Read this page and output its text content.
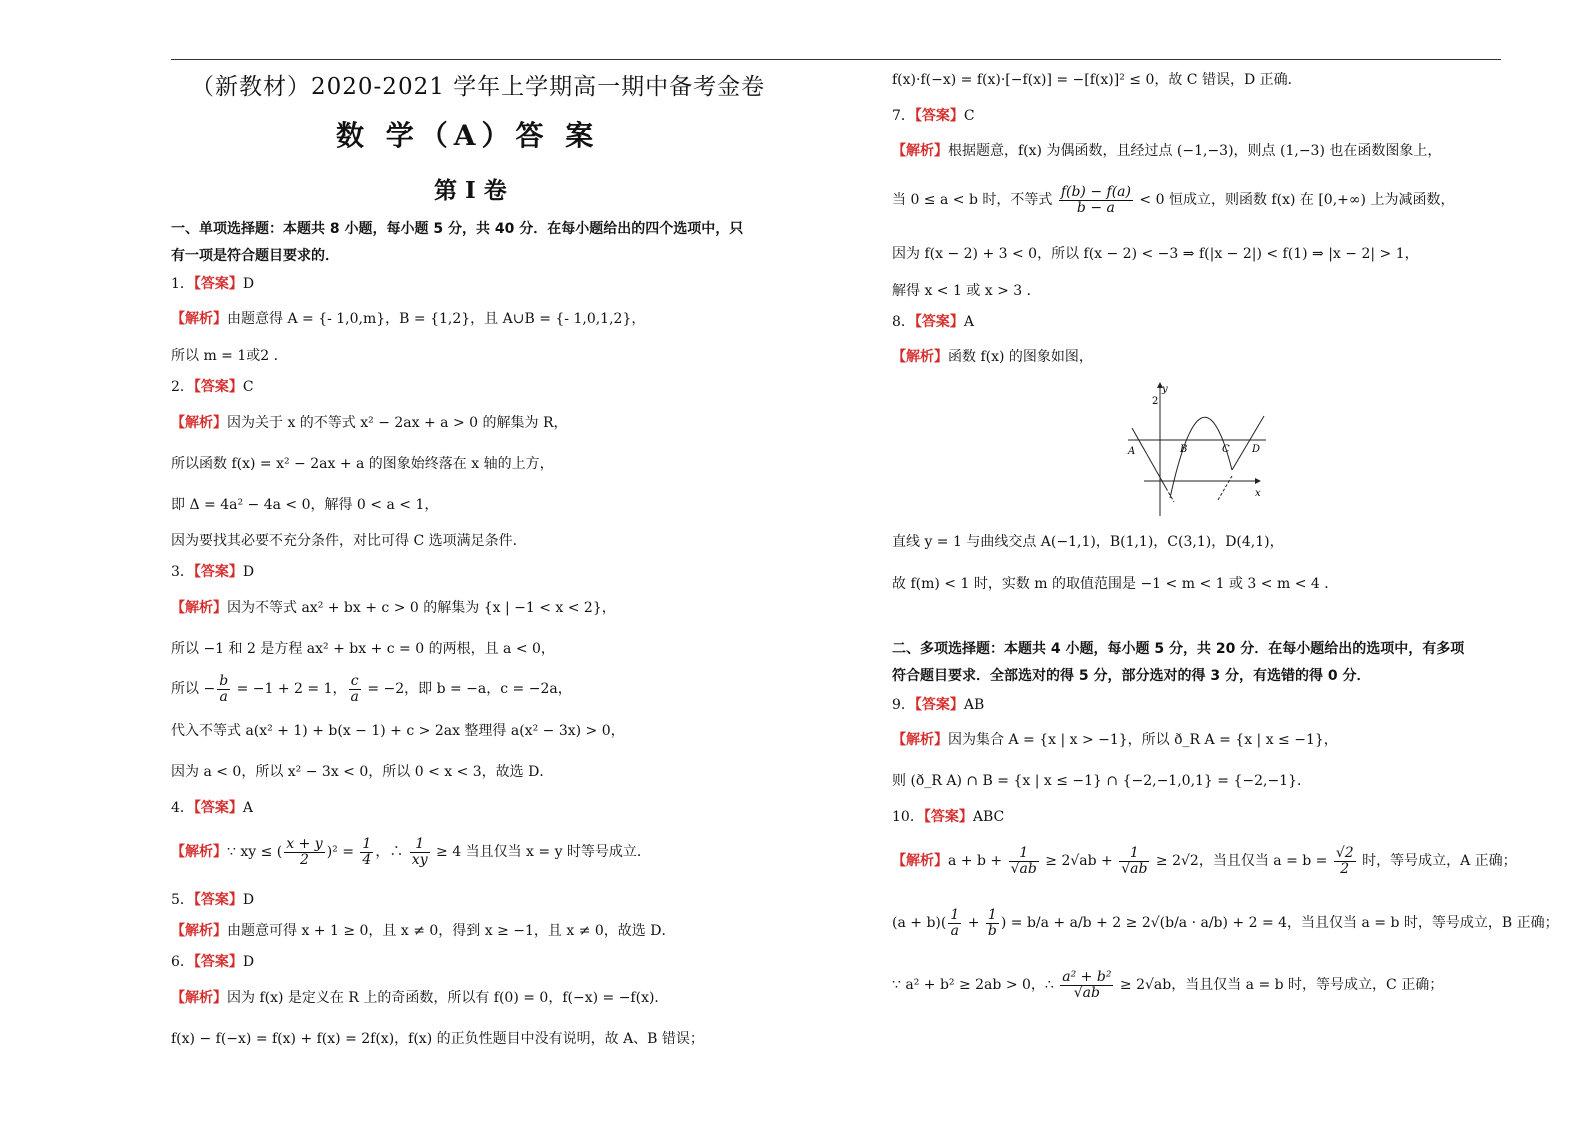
（新教材）2020-2021 学年上学期高一期中备考金卷
数 学（A）答 案
第 I 卷
一、单项选择题：本题共 8 小题，每小题 5 分，共 40 分．在每小题给出的四个选项中，只
有一项是符合题目要求的．
1．【答案】D
【解析】由题意得 A = {- 1,0,m}，B = {1,2}，且 A∪B = {- 1,0,1,2}，
所以 m = 1或2 ．
2．【答案】C
【解析】因为关于 x 的不等式 x² − 2ax + a > 0 的解集为 R，
所以函数 f(x) = x² − 2ax + a 的图象始终落在 x 轴的上方，
即 Δ = 4a² − 4a < 0，解得 0 < a < 1，
因为要找其必要不充分条件，对比可得 C 选项满足条件．
3．【答案】D
【解析】因为不等式 ax² + bx + c > 0 的解集为 {x | −1 < x < 2}，
所以 −1 和 2 是方程 ax² + bx + c = 0 的两根，且 a < 0，
所以 − $\frac{b}{a} = -1 + 2 = 1$， $\frac{c}{a} = -2$，即 b = −a，c = −2a，
代入不等式 a(x² + 1) + b(x − 1) + c > 2ax 整理得 a(x² − 3x) > 0，
因为 a < 0，所以 x² − 3x < 0，所以 0 < x < 3，故选 D．
4．【答案】A
【解析】∵ xy ≤ ( $\frac{x + y}{2} )^2 = \frac{1}{4}$ ，∴ $\frac{1}{xy} \ge 4$ 当且仅当 x = y 时等号成立．
5．【答案】D
【解析】由题意可得 x + 1 ≥ 0，且 x ≠ 0，得到 x ≥ −1，且 x ≠ 0，故选 D．
6．【答案】D
【解析】因为 f(x) 是定义在 R 上的奇函数，所以有 f(0) = 0，f(−x) = −f(x)．
f(x) − f(−x) = f(x) + f(x) = 2f(x)，f(x) 的正负性题目中没有说明，故 A、B 错误；
f(x)·f(−x) = f(x)·[−f(x)] = −[f(x)]² ≤ 0，故 C 错误，D 正确．
7．【答案】C
【解析】根据题意，f(x) 为偶函数，且经过点 (−1,−3)，则点 (1,−3) 也在函数图象上，
当 0 ≤ a < b 时，不等式 $\frac{f(b) - f(a)}{b - a} < 0$ 恒成立，则函数 f(x) 在 [0,+∞) 上为减函数，
因为 f(x − 2) + 3 < 0，所以 f(x − 2) < −3 ⇒ f(|x − 2|) < f(1) ⇒ |x − 2| > 1，
解得 x < 1 或 x > 3 ．
8．【答案】A
【解析】函数 f(x) 的图象如图，
y
2
x
A	B	C D
直线 y = 1 与曲线交点 A(−1,1)，B(1,1)，C(3,1)，D(4,1)，
故 f(m) < 1 时，实数 m 的取值范围是 −1 < m < 1 或 3 < m < 4 ．
二、多项选择题：本题共 4 小题，每小题 5 分，共 20 分．在每小题给出的选项中，有多项
符合题目要求．全部选对的得 5 分，部分选对的得 3 分，有选错的得 0 分．
9．【答案】AB
【解析】因为集合 A = {x | x > −1}，所以 ð_R A = {x | x ≤ −1}，
则 (ð_R A) ∩ B = {x | x ≤ −1} ∩ {−2,−1,0,1} = {−2,−1}．
10．【答案】ABC
【解析】$a + b + \frac{1}{√ab} \ge 2√ab + \frac{1}{√ab} \ge 2√2$，当且仅当 $a = b = \frac{√2}{2}$ 时，等号成立，A 正确；
$(a + b)( \frac{1}{a} + \frac{1}{b}$ ) = b/a + a/b + 2 ≥ 2√(b/a · a/b) + 2 = 4，当且仅当 a = b 时，等号成立，B 正确；
∵ a² + b² ≥ 2ab > 0，∴ $\frac{\text{a² + b²}}{√ab} \ge 2√ab$，当且仅当 a = b 时，等号成立，C 正确；
